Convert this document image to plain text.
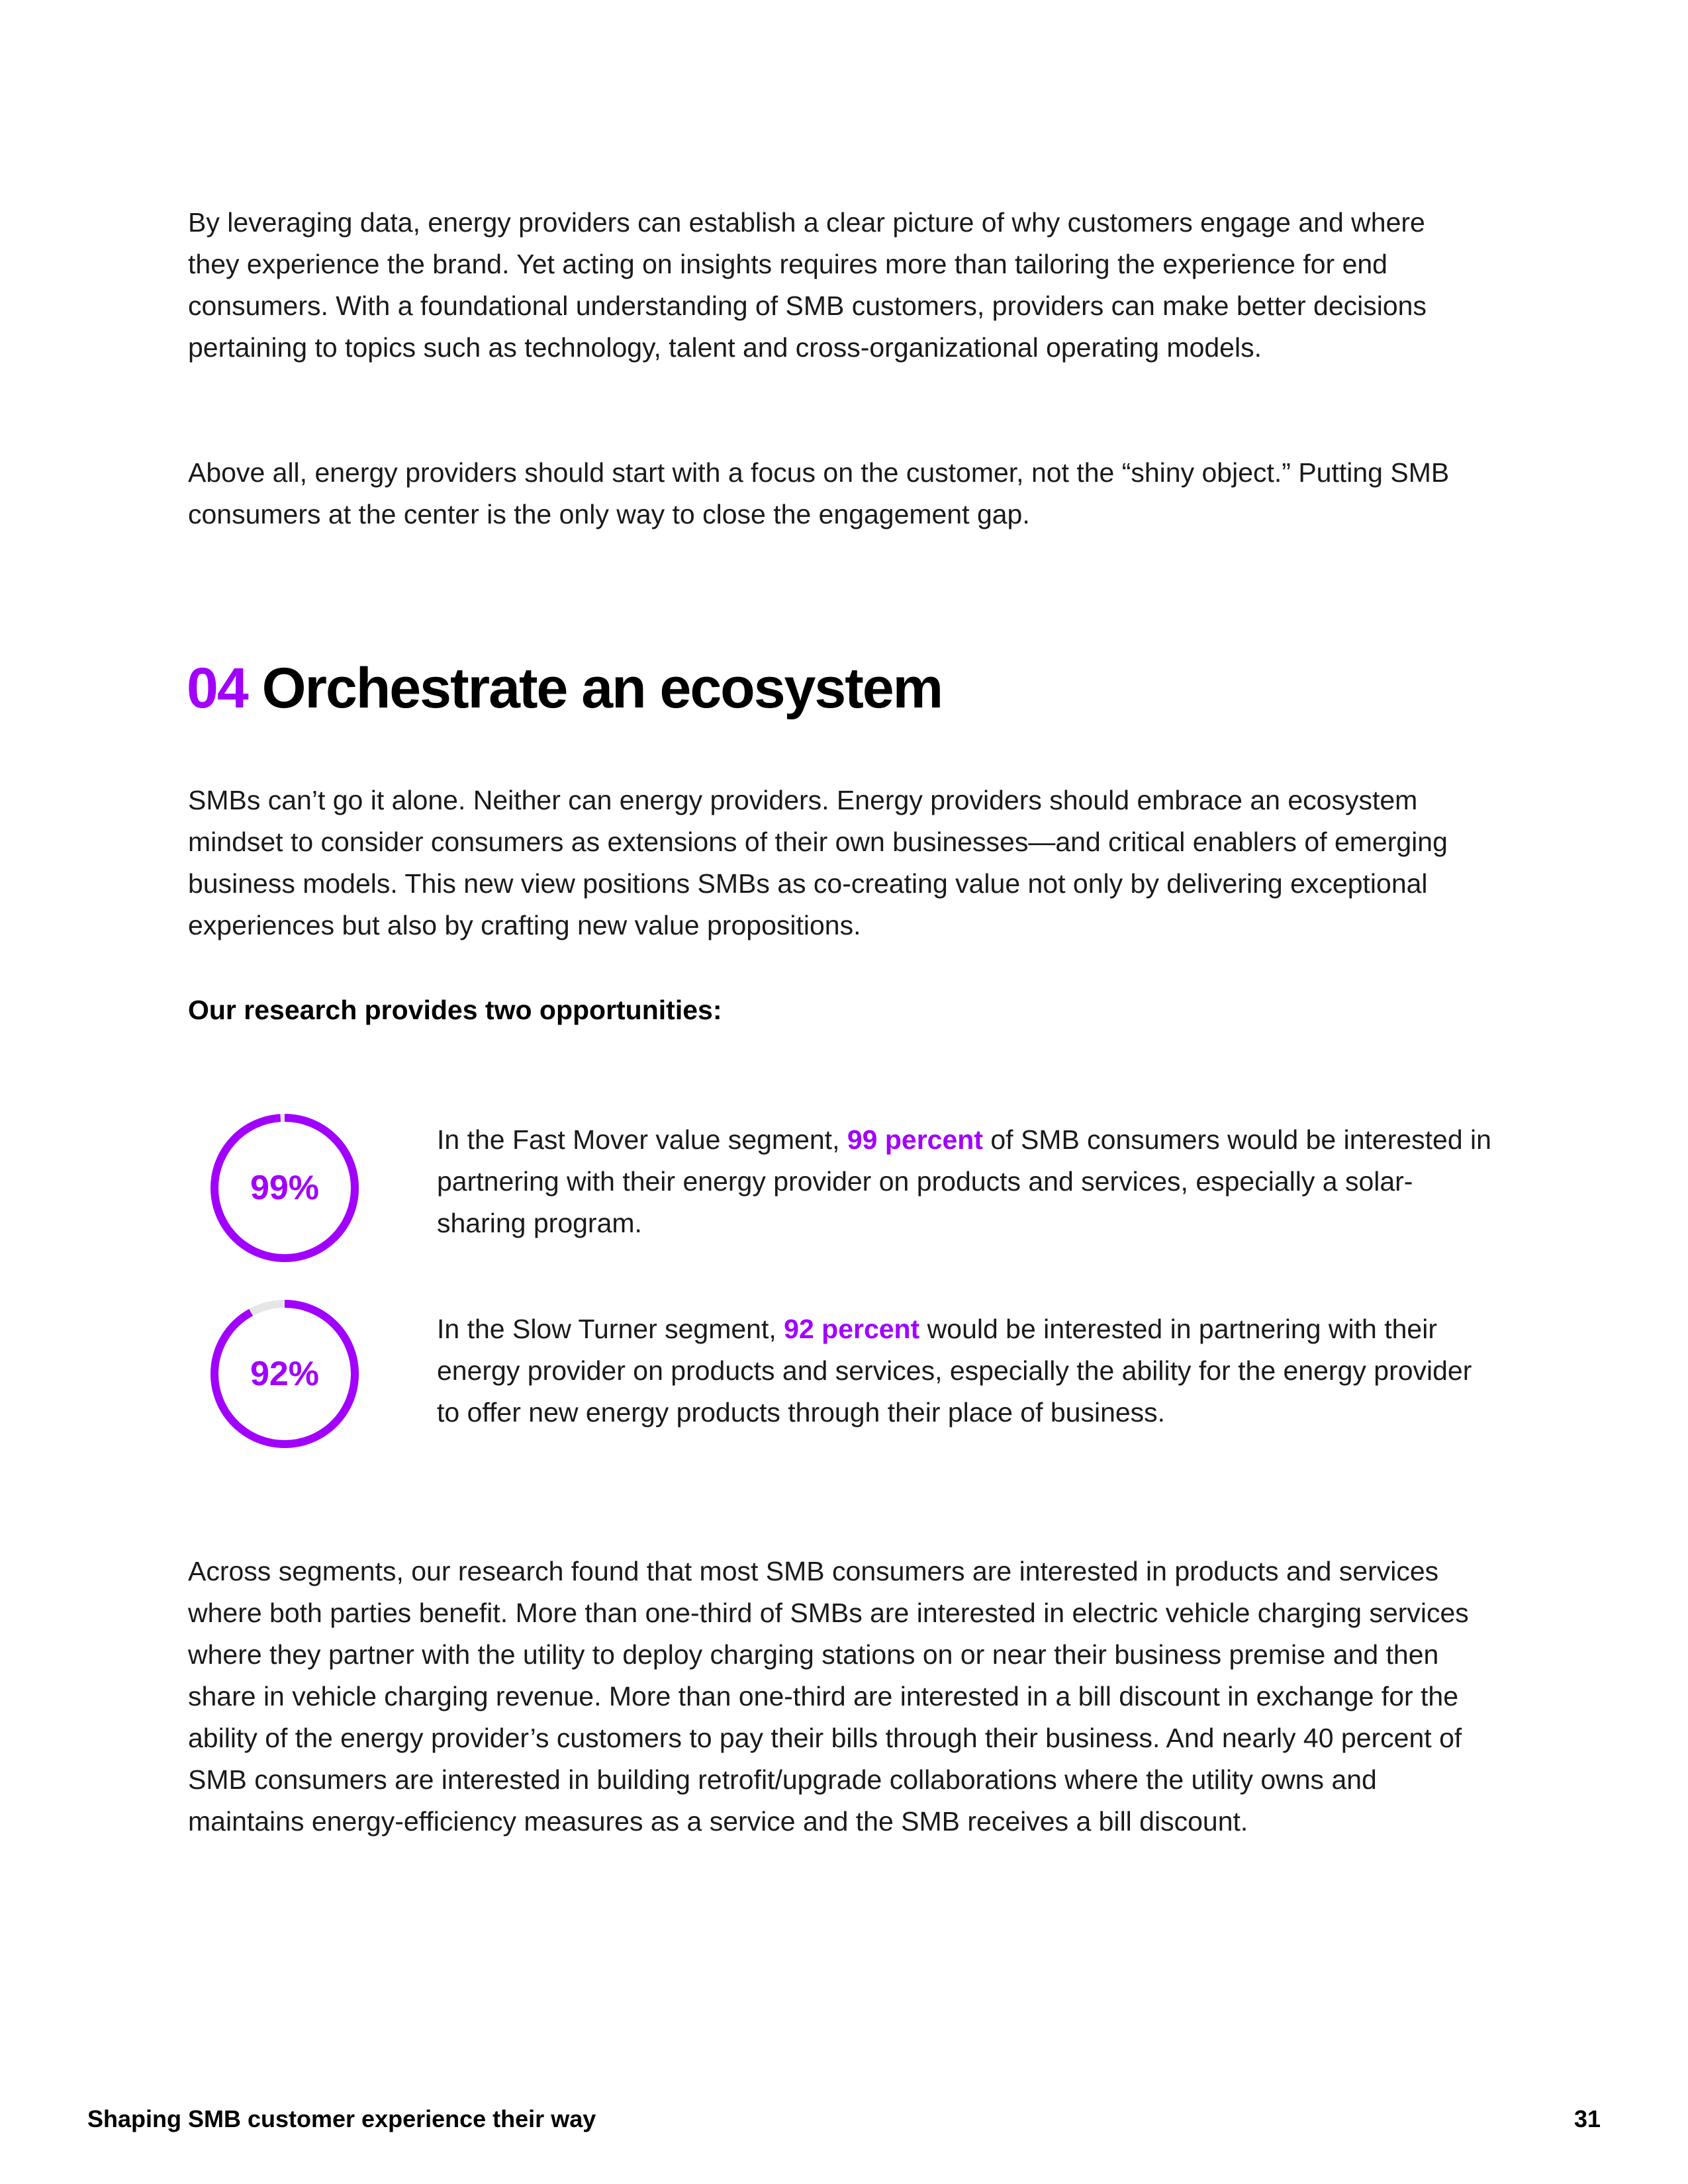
By leveraging data, energy providers can establish a clear picture of why customers engage and where they experience the brand. Yet acting on insights requires more than tailoring the experience for end consumers. With a foundational understanding of SMB customers, providers can make better decisions pertaining to topics such as technology, talent and cross-organizational operating models.

Above all, energy providers should start with a focus on the customer, not the “shiny object.” Putting SMB consumers at the center is the only way to close the engagement gap.

04 Orchestrate an ecosystem

SMBs can’t go it alone. Neither can energy providers. Energy providers should embrace an ecosystem mindset to consider consumers as extensions of their own businesses—and critical enablers of emerging business models. This new view positions SMBs as co-creating value not only by delivering exceptional experiences but also by crafting new value propositions.

Our research provides two opportunities:

99%

In the Fast Mover value segment, 99 percent of SMB consumers would be interested in partnering with their energy provider on products and services, especially a solar-sharing program.

92%

In the Slow Turner segment, 92 percent would be interested in partnering with their energy provider on products and services, especially the ability for the energy provider to offer new energy products through their place of business.

Across segments, our research found that most SMB consumers are interested in products and services where both parties benefit. More than one-third of SMBs are interested in electric vehicle charging services where they partner with the utility to deploy charging stations on or near their business premise and then share in vehicle charging revenue. More than one-third are interested in a bill discount in exchange for the ability of the energy provider’s customers to pay their bills through their business. And nearly 40 percent of SMB consumers are interested in building retrofit/upgrade collaborations where the utility owns and maintains energy-efficiency measures as a service and the SMB receives a bill discount.

Shaping SMB customer experience their way	31
